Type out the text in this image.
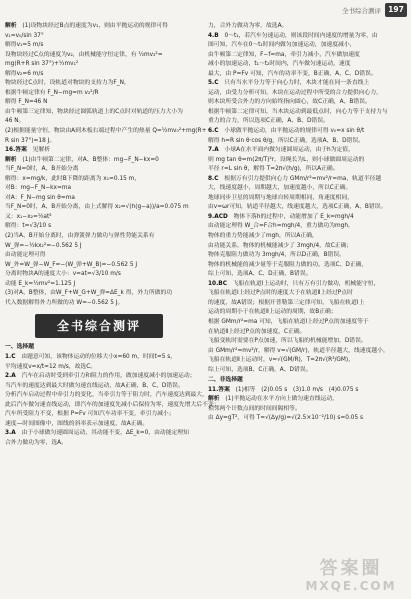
全书综合测评 197
解析　(1)设物块经过B点的速度为v₁，则由平抛运动的规律可得
v₁=v₀/sin 37°
解得v₁=5 m/s
设物块经过C点的速度为v₂，由机械能守恒定律，有 ½mv₂²=
mg(R+R sin 37°)+½mv₁²
解得v₂=6 m/s
物块经过C点时，设轨道对物块的支持力为F_N，
根据牛顿定律有 F_N−mg=m v₂²/R
解得 F_N=46 N
由牛顿第三定律知，物块经过圆弧轨道上的C点时对轨道的压力大小为
46 N。
(2)根据能量守恒，物块由A到木板右端过程中产生的热量 Q=½mv₀²+mg(R+
R sin 37°)=18 J。
16.答案　见解析
解析　(1)由牛顿第二定律，对A、B整体：mg−F_N−kx=0
当F_N=0时，A、B开始分离
解得：x=mg/k，此时B下降的距离为 x₁=0.15 m，
对B：mg−F_N−kx=ma
对A：F_N−mg sin θ=ma
当F_N=0时，A、B开始分离，由上式解得 x₂=√(h(g−a))/a=0.075 m
又：x₁−x₂=½at²
解得：t=√3/10 s
(2)当A、B开始分离时，由弹簧弹力做功与弹性势能关系有
W_弹=−½kx₂²=−0.562 5 J
由动能定理可得
W_外=W_弹−W_F=−(W_弹+W_B)=−0.562 5 J
分离时物块A的速度大小：v=at=√3/10 m/s
动能 E_k=½mv²=1.125 J
(3)对A、B整体，由W_F+W_G+W_弹=ΔE_k 得，外力所做的功
代入数据解得外力所做的功 W=−0.562 5 J。
全书综合测评
一、选择题
1.C　由题意可知，该物体运动的位移大小x=60 m，时间t=5 s，
平均速度v=x/t=12 m/s，故选C。
2.A　汽车在启动时受到牵引力和阻力的作用，做加速度减小的加速运动；
当汽车的速度达到最大时做匀速直线运动，故A正确，B、C、D错误。
分析汽车启动过程中牵引力的变化，当牵引力等于阻力时，汽车速度达到最大，
此后汽车做匀速直线运动，即汽车的加速度先减小后保持为零，速度先增大后不变；
汽车所受阻力不变，根据 P=Fv 可知汽车功率不变，牵引力减小；
速度—时间图像中，图线的斜率表示加速度，故A正确。
3.A　由于小球做匀速圆周运动，其动能不变，ΔE_k=0，由动能定理知
合外力做功为零，选A。
力，合外力做功为零，故选A。
4.B　0～t₁，若汽车匀速运动，则该段时间内速度的增量为零，由
图可知，汽车在0～t₁时间内做匀加速运动，加速度减小，
由牛顿第二定律知，F−f=ma，牵引力减小，汽车做加速度
减小的加速运动，t₁～t₂时间内，汽车做匀速运动，速度
最大，由 P=Fv 可知，汽车的功率不变，B正确，A、C、D错误。
5.C　只有当水平分力等于向心力时，木块才能在同一条直线上
运动，由受力分析可知，木块在运动过程中所受的合力提供向心力，
则木块所受合外力的方向始终指向圆心，故C正确，A、B错误。
根据牛顿第二定律可知，当木块运动到最低点时，向心力等于支持力与
重力的合力，所以选项C正确，A、B、D错误。
6.C　小球做平抛运动，由平抛运动的规律可得 v₀=x sin θ/t
解得 h=R sin θ·cos θ/g，所以C正确，选项A、B、D错误。
7.A　小球A在水平面内做匀速圆周运动，由于h为定值，
则 mg tan θ=m(2π/T)²r，设绳长为L，则小球做圆周运动的
半径 r=L sin θ，解得 T=2π√(h/g)，所以A正确。
8.C　根据万有引力提供向心力 GMm/r²=mv²/r=ma，轨道半径越
大，线速度越小，周期越大，加速度越小，所以C正确。
地球同步卫星的周期与地球自转周期相同，角速度相同，
由v=ωr可知，轨道半径越大，线速度越大，选项C正确，A、B错误。
9.ACD　物体下落h的过程中，动能增加了 E_k=mgh/4
由动能定理得 W_合=F合h=mgh/4，重力做功为mgh，
物体的重力势能减少了mgh，所以A正确，
由功能关系，物体的机械能减少了 3mgh/4，故C正确；
物体克服阻力做功为 3mgh/4，所以D正确，B错误。
物体的机械能的减少量等于克服阻力做的功，选项C、D正确，
综上可知，选项A、C、D正确，B错误。
10.BC　飞船在轨道Ⅰ上运动时，只有万有引力做功，机械能守恒，
飞船在轨道Ⅰ上经过P点时的速度大于在轨道Ⅱ上经过P点时
的速度，故A错误；根据开普勒第三定律可知，飞船在轨道Ⅰ上
运动的周期小于在轨道Ⅱ上运动的周期，故B正确；
根据 GMm/r²=ma 可知，飞船在轨道Ⅰ上经过P点的加速度等于
在轨道Ⅱ上经过P点的加速度，C正确。
飞船变轨时需要在P点加速，所以飞船的机械能增加，D错误。
由 GMm/r²=mv²/r，解得 v=√(GM/r)，轨道半径越大，线速度越小，
飞船在轨道Ⅱ上运动时，v=√(GM/R)，T=2π√(R³/GM)，
综上可知，选项B、C正确，A、D错误。
二、非选择题
11.答案　(1)相等　(2)0.05 s　(3)1.0 m/s　(4)0.075 s
解析　(1)平抛运动在水平方向上做匀速直线运动，
相邻两个计数点间的时间间隔相等。
由 Δy=gT²，可得 T=√(Δy/g)=√(2.5×10⁻²/10) s=0.05 s
答案圈
MXQE.COM
